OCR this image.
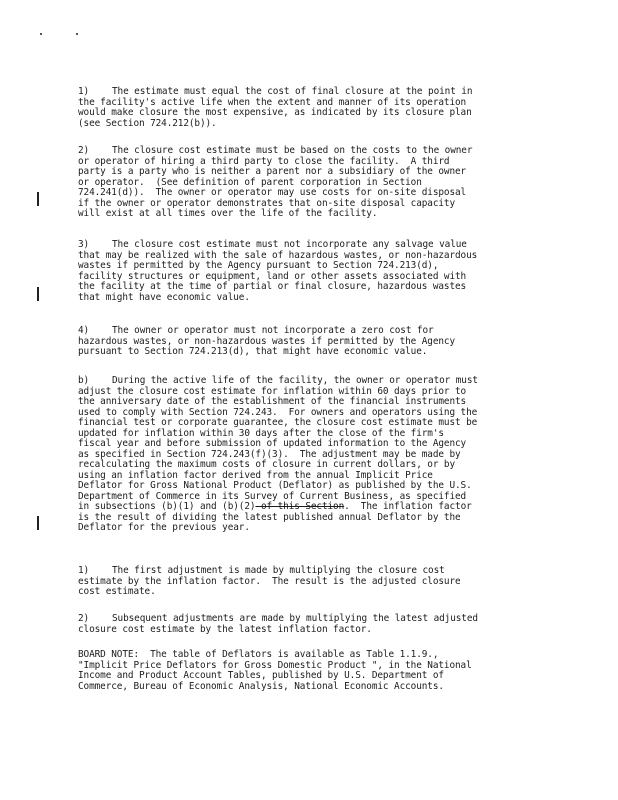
1) The estimate must equal the cost of final closure at the point in
the facility's active life when the extent and manner of its operation
would make closure the most expensive, as indicated by its closure plan
(see Section 724.212(b)).
2) The closure cost estimate must be based on the costs to the owner
or operator of hiring a third party to close the facility.  A third
party is a party who is neither a parent nor a subsidiary of the owner
or operator.  (See definition of parent corporation in Section
724.241(d)).  The owner or operator may use costs for on-site disposal
if the owner or operator demonstrates that on-site disposal capacity
will exist at all times over the life of the facility.
3) The closure cost estimate must not incorporate any salvage value
that may be realized with the sale of hazardous wastes, or non-hazardous
wastes if permitted by the Agency pursuant to Section 724.213(d),
facility structures or equipment, land or other assets associated with
the facility at the time of partial or final closure, hazardous wastes
that might have economic value.
4) The owner or operator must not incorporate a zero cost for
hazardous wastes, or non-hazardous wastes if permitted by the Agency
pursuant to Section 724.213(d), that might have economic value.
b) During the active life of the facility, the owner or operator must
adjust the closure cost estimate for inflation within 60 days prior to
the anniversary date of the establishment of the financial instruments
used to comply with Section 724.243.  For owners and operators using the
financial test or corporate guarantee, the closure cost estimate must be
updated for inflation within 30 days after the close of the firm's
fiscal year and before submission of updated information to the Agency
as specified in Section 724.243(f)(3).  The adjustment may be made by
recalculating the maximum costs of closure in current dollars, or by
using an inflation factor derived from the annual Implicit Price
Deflator for Gross National Product (Deflator) as published by the U.S.
Department of Commerce in its Survey of Current Business, as specified
in subsections (b)(1) and (b)(2) of this Section.  The inflation factor
is the result of dividing the latest published annual Deflator by the
Deflator for the previous year.
1) The first adjustment is made by multiplying the closure cost
estimate by the inflation factor.  The result is the adjusted closure
cost estimate.
2) Subsequent adjustments are made by multiplying the latest adjusted
closure cost estimate by the latest inflation factor.
BOARD NOTE:  The table of Deflators is available as Table 1.1.9.,
"Implicit Price Deflators for Gross Domestic Product ", in the National
Income and Product Account Tables, published by U.S. Department of
Commerce, Bureau of Economic Analysis, National Economic Accounts.
